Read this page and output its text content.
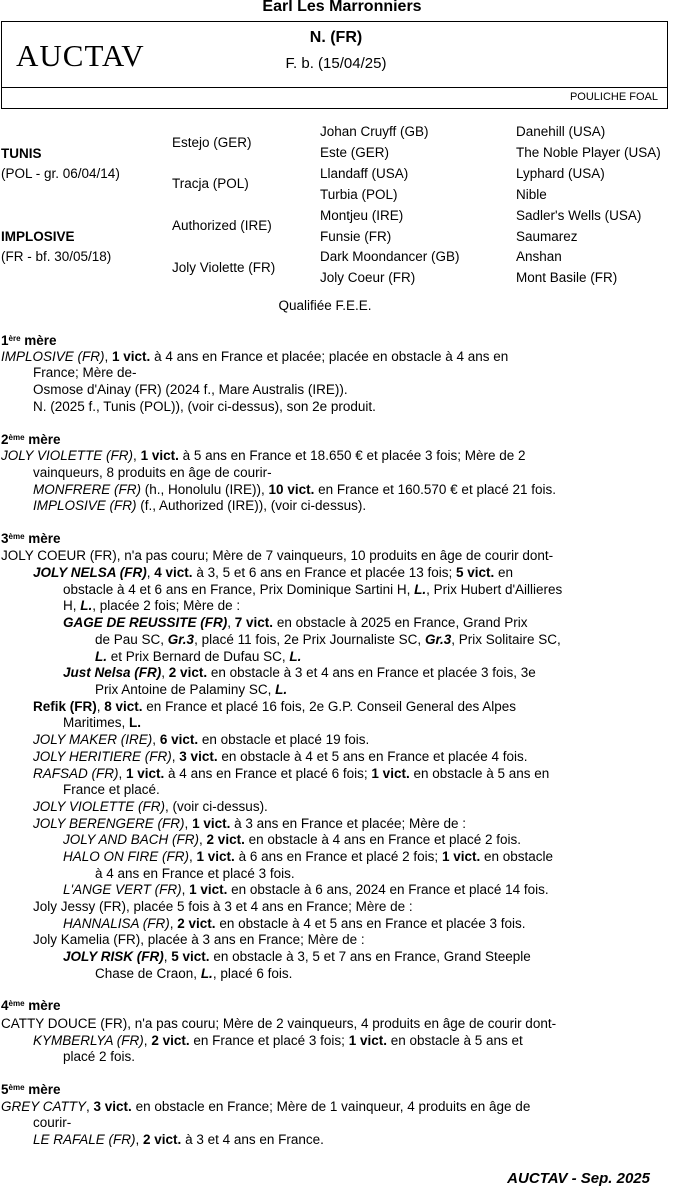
Earl Les Marronniers
AUCTAV
N. (FR)
F. b. (15/04/25)
POULICHE FOAL
TUNIS
(POL - gr. 06/04/14)
IMPLOSIVE
(FR - bf. 30/05/18)
Estejo (GER)
Tracja (POL)
Authorized (IRE)
Joly Violette (FR)
Johan Cruyff (GB)
Este (GER)
Llandaff (USA)
Turbia (POL)
Montjeu (IRE)
Funsie (FR)
Dark Moondancer (GB)
Joly Coeur (FR)
Danehill (USA)
The Noble Player (USA)
Lyphard (USA)
Nible
Sadler's Wells (USA)
Saumarez
Anshan
Mont Basile (FR)
Qualifiée F.E.E.
1ère mère
IMPLOSIVE (FR), 1 vict. à 4 ans en France et placée; placée en obstacle à 4 ans en
France; Mère de-
Osmose d'Ainay (FR) (2024 f., Mare Australis (IRE)).
N. (2025 f., Tunis (POL)), (voir ci-dessus), son 2e produit.
2ème mère
JOLY VIOLETTE (FR), 1 vict. à 5 ans en France et 18.650 € et placée 3 fois; Mère de 2
vainqueurs, 8 produits en âge de courir-
MONFRERE (FR) (h., Honolulu (IRE)), 10 vict. en France et 160.570 € et placé 21 fois.
IMPLOSIVE (FR) (f., Authorized (IRE)), (voir ci-dessus).
3ème mère
JOLY COEUR (FR), n'a pas couru; Mère de 7 vainqueurs, 10 produits en âge de courir dont-
JOLY NELSA (FR), 4 vict. à 3, 5 et 6 ans en France et placée 13 fois; 5 vict. en
obstacle à 4 et 6 ans en France, Prix Dominique Sartini H, L., Prix Hubert d'Aillieres
H, L., placée 2 fois; Mère de :
GAGE DE REUSSITE (FR), 7 vict. en obstacle à 2025 en France, Grand Prix
de Pau SC, Gr.3, placé 11 fois, 2e Prix Journaliste SC, Gr.3, Prix Solitaire SC,
L. et Prix Bernard de Dufau SC, L.
Just Nelsa (FR), 2 vict. en obstacle à 3 et 4 ans en France et placée 3 fois, 3e
Prix Antoine de Palaminy SC, L.
Refik (FR), 8 vict. en France et placé 16 fois, 2e G.P. Conseil General des Alpes
Maritimes, L.
JOLY MAKER (IRE), 6 vict. en obstacle et placé 19 fois.
JOLY HERITIERE (FR), 3 vict. en obstacle à 4 et 5 ans en France et placée 4 fois.
RAFSAD (FR), 1 vict. à 4 ans en France et placé 6 fois; 1 vict. en obstacle à 5 ans en
France et placé.
JOLY VIOLETTE (FR), (voir ci-dessus).
JOLY BERENGERE (FR), 1 vict. à 3 ans en France et placée; Mère de :
JOLY AND BACH (FR), 2 vict. en obstacle à 4 ans en France et placé 2 fois.
HALO ON FIRE (FR), 1 vict. à 6 ans en France et placé 2 fois; 1 vict. en obstacle
à 4 ans en France et placé 3 fois.
L'ANGE VERT (FR), 1 vict. en obstacle à 6 ans, 2024 en France et placé 14 fois.
Joly Jessy (FR), placée 5 fois à 3 et 4 ans en France; Mère de :
HANNALISA (FR), 2 vict. en obstacle à 4 et 5 ans en France et placée 3 fois.
Joly Kamelia (FR), placée à 3 ans en France; Mère de :
JOLY RISK (FR), 5 vict. en obstacle à 3, 5 et 7 ans en France, Grand Steeple
Chase de Craon, L., placé 6 fois.
4ème mère
CATTY DOUCE (FR), n'a pas couru; Mère de 2 vainqueurs, 4 produits en âge de courir dont-
KYMBERLYA (FR), 2 vict. en France et placé 3 fois; 1 vict. en obstacle à 5 ans et
placé 2 fois.
5ème mère
GREY CATTY, 3 vict. en obstacle en France; Mère de 1 vainqueur, 4 produits en âge de
courir-
LE RAFALE (FR), 2 vict. à 3 et 4 ans en France.
AUCTAV - Sep. 2025
